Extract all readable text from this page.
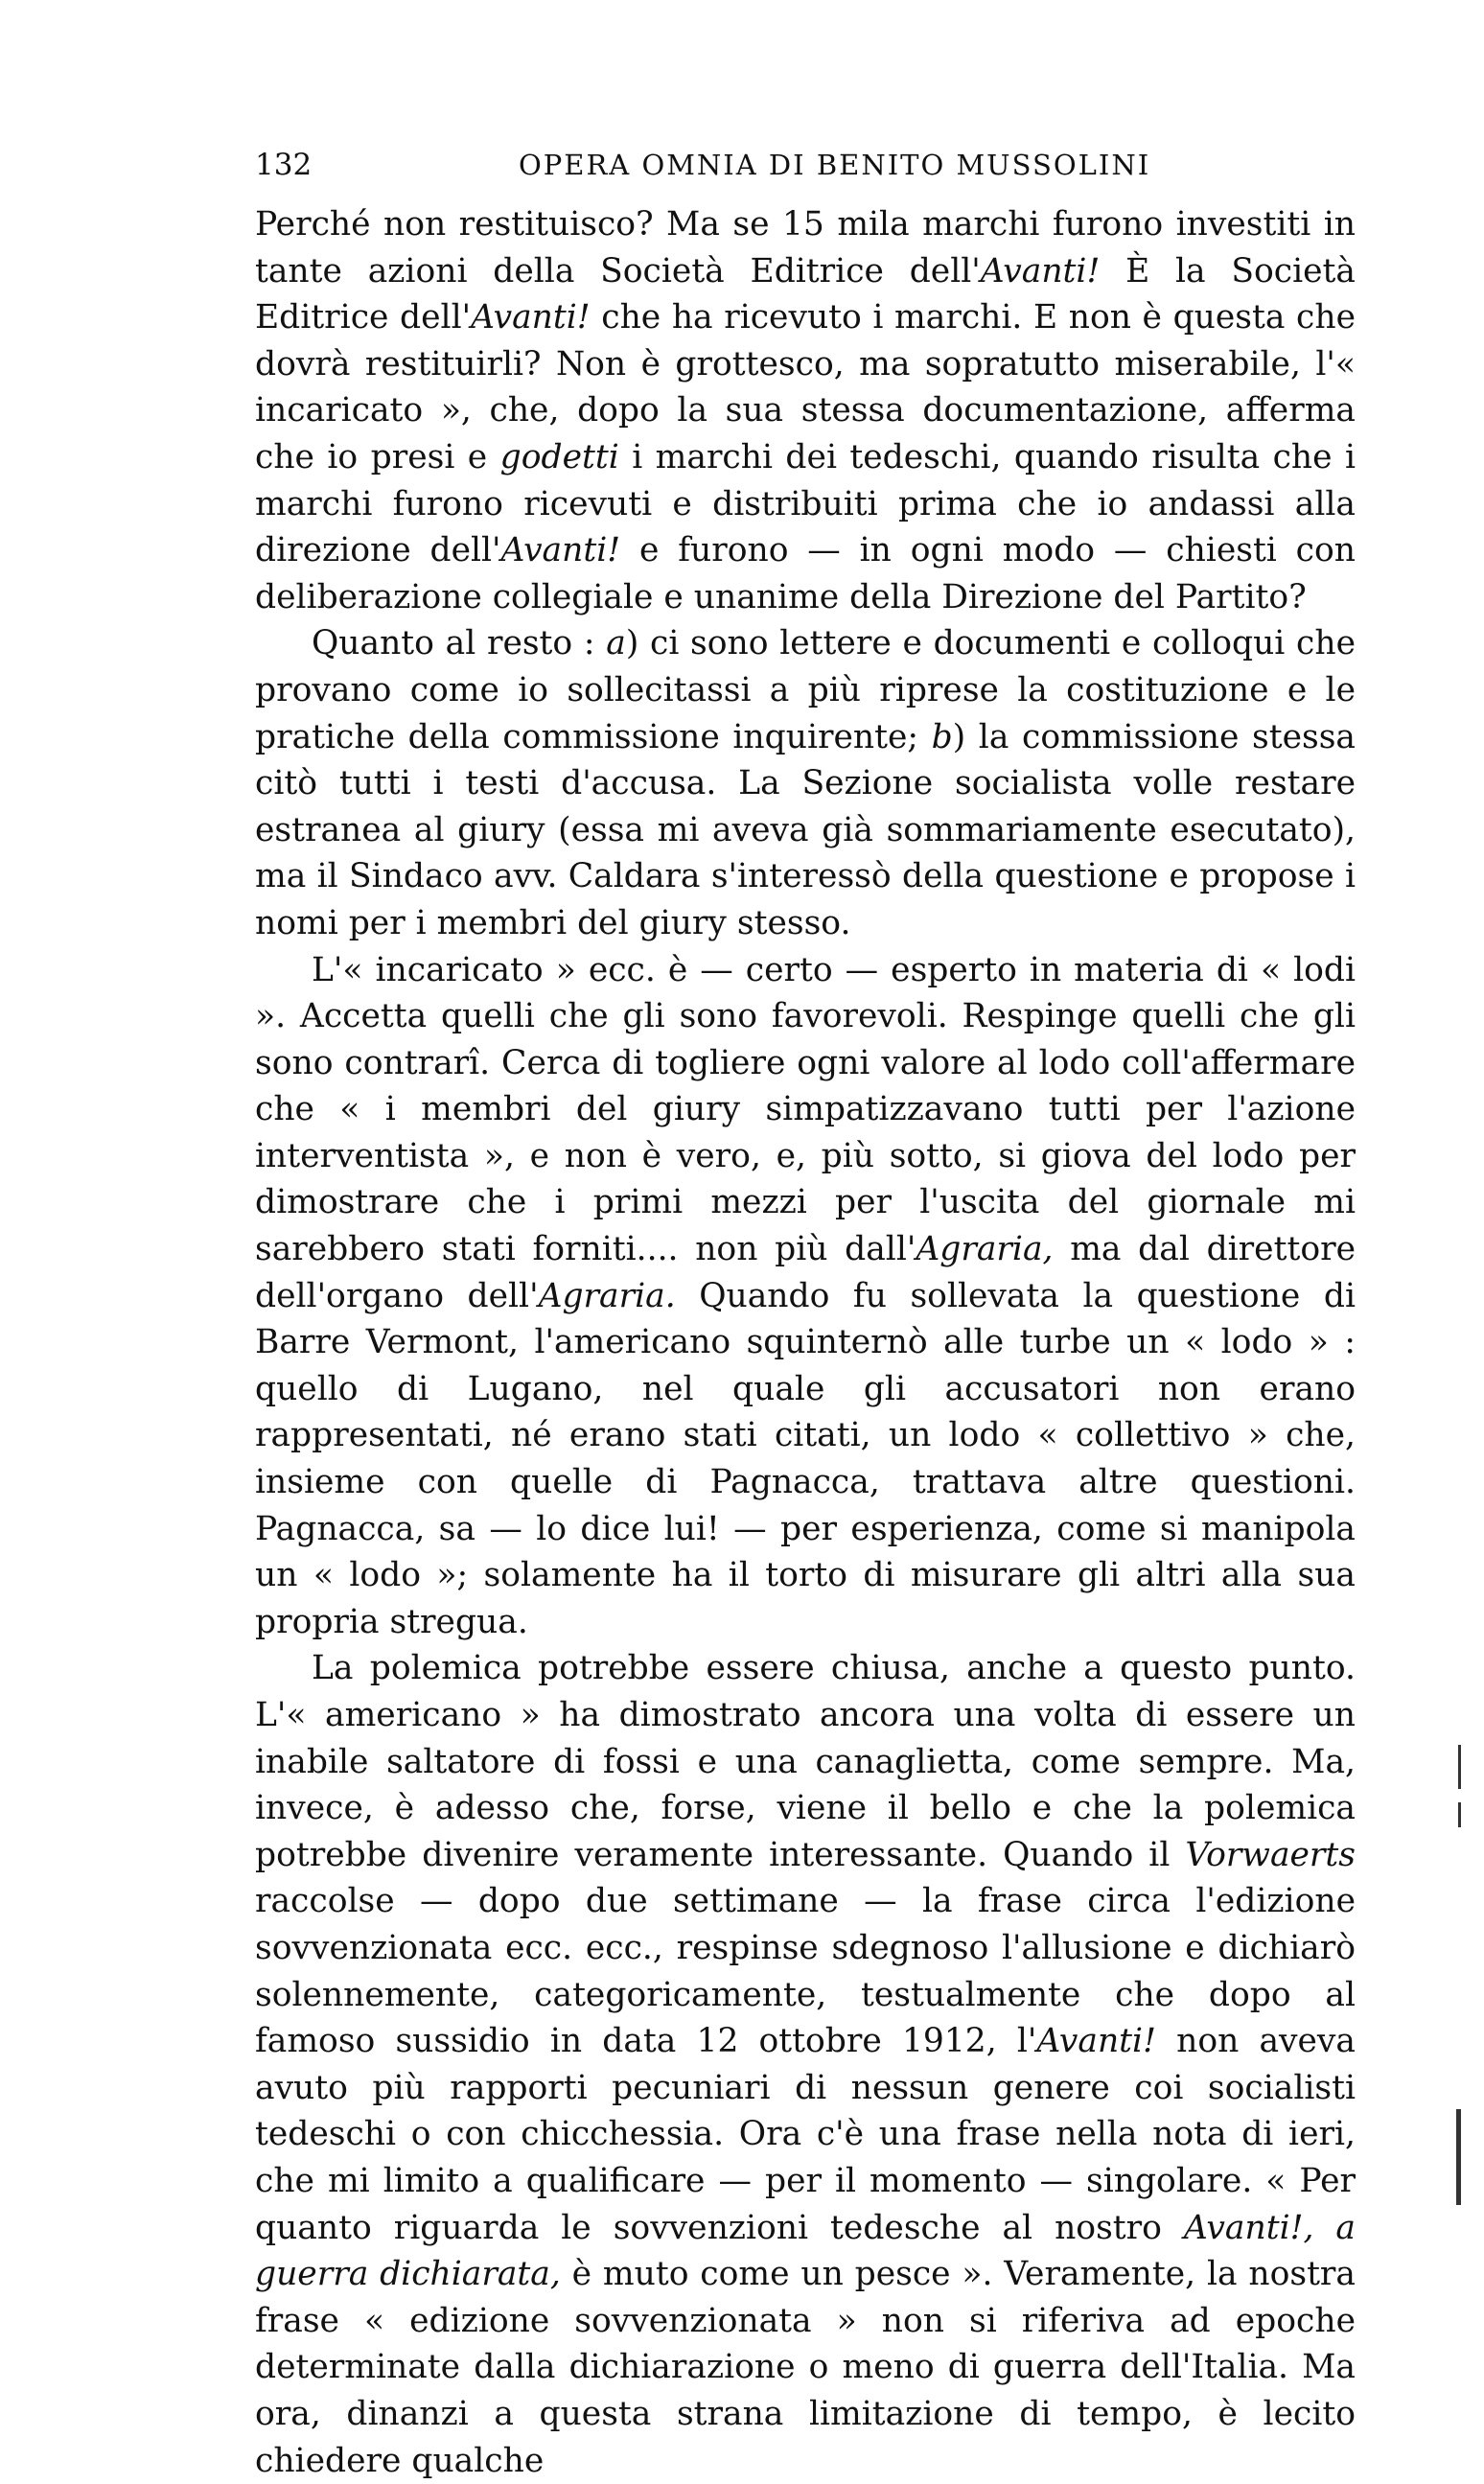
132	OPERA OMNIA DI BENITO MUSSOLINI

Perché non restituisco? Ma se 15 mila marchi furono investiti in tante azioni della Società Editrice dell'Avanti! È la Società Editrice dell'Avanti! che ha ricevuto i marchi. E non è questa che dovrà restituirli? Non è grottesco, ma sopratutto miserabile, l'« incaricato », che, dopo la sua stessa documentazione, afferma che io presi e godetti i marchi dei tedeschi, quando risulta che i marchi furono ricevuti e distribuiti prima che io andassi alla direzione dell'Avanti! e furono — in ogni modo — chiesti con deliberazione collegiale e unanime della Direzione del Partito?

Quanto al resto : a) ci sono lettere e documenti e colloqui che provano come io sollecitassi a più riprese la costituzione e le pratiche della commissione inquirente; b) la commissione stessa citò tutti i testi d'accusa. La Sezione socialista volle restare estranea al giury (essa mi aveva già sommariamente esecutato), ma il Sindaco avv. Caldara s'interessò della questione e propose i nomi per i membri del giury stesso.

L'« incaricato » ecc. è — certo — esperto in materia di « lodi ». Accetta quelli che gli sono favorevoli. Respinge quelli che gli sono contrarî. Cerca di togliere ogni valore al lodo coll'affermare che « i membri del giury simpatizzavano tutti per l'azione interventista », e non è vero, e, più sotto, si giova del lodo per dimostrare che i primi mezzi per l'uscita del giornale mi sarebbero stati forniti.... non più dall'Agraria, ma dal direttore dell'organo dell'Agraria. Quando fu sollevata la questione di Barre Vermont, l'americano squinternò alle turbe un « lodo » : quello di Lugano, nel quale gli accusatori non erano rappresentati, né erano stati citati, un lodo « collettivo » che, insieme con quelle di Pagnacca, trattava altre questioni. Pagnacca, sa — lo dice lui! — per esperienza, come si manipola un « lodo »; solamente ha il torto di misurare gli altri alla sua propria stregua.

La polemica potrebbe essere chiusa, anche a questo punto. L'« americano » ha dimostrato ancora una volta di essere un inabile saltatore di fossi e una canaglietta, come sempre. Ma, invece, è adesso che, forse, viene il bello e che la polemica potrebbe divenire veramente interessante. Quando il Vorwaerts raccolse — dopo due settimane — la frase circa l'edizione sovvenzionata ecc. ecc., respinse sdegnoso l'allusione e dichiarò solennemente, categoricamente, testualmente che dopo al famoso sussidio in data 12 ottobre 1912, l'Avanti! non aveva avuto più rapporti pecuniari di nessun genere coi socialisti tedeschi o con chicchessia. Ora c'è una frase nella nota di ieri, che mi limito a qualificare — per il momento — singolare. « Per quanto riguarda le sovvenzioni tedesche al nostro Avanti!, a guerra dichiarata, è muto come un pesce ». Veramente, la nostra frase « edizione sovvenzionata » non si riferiva ad epoche determinate dalla dichiarazione o meno di guerra dell'Italia. Ma ora, dinanzi a questa strana limitazione di tempo, è lecito chiedere qualche
